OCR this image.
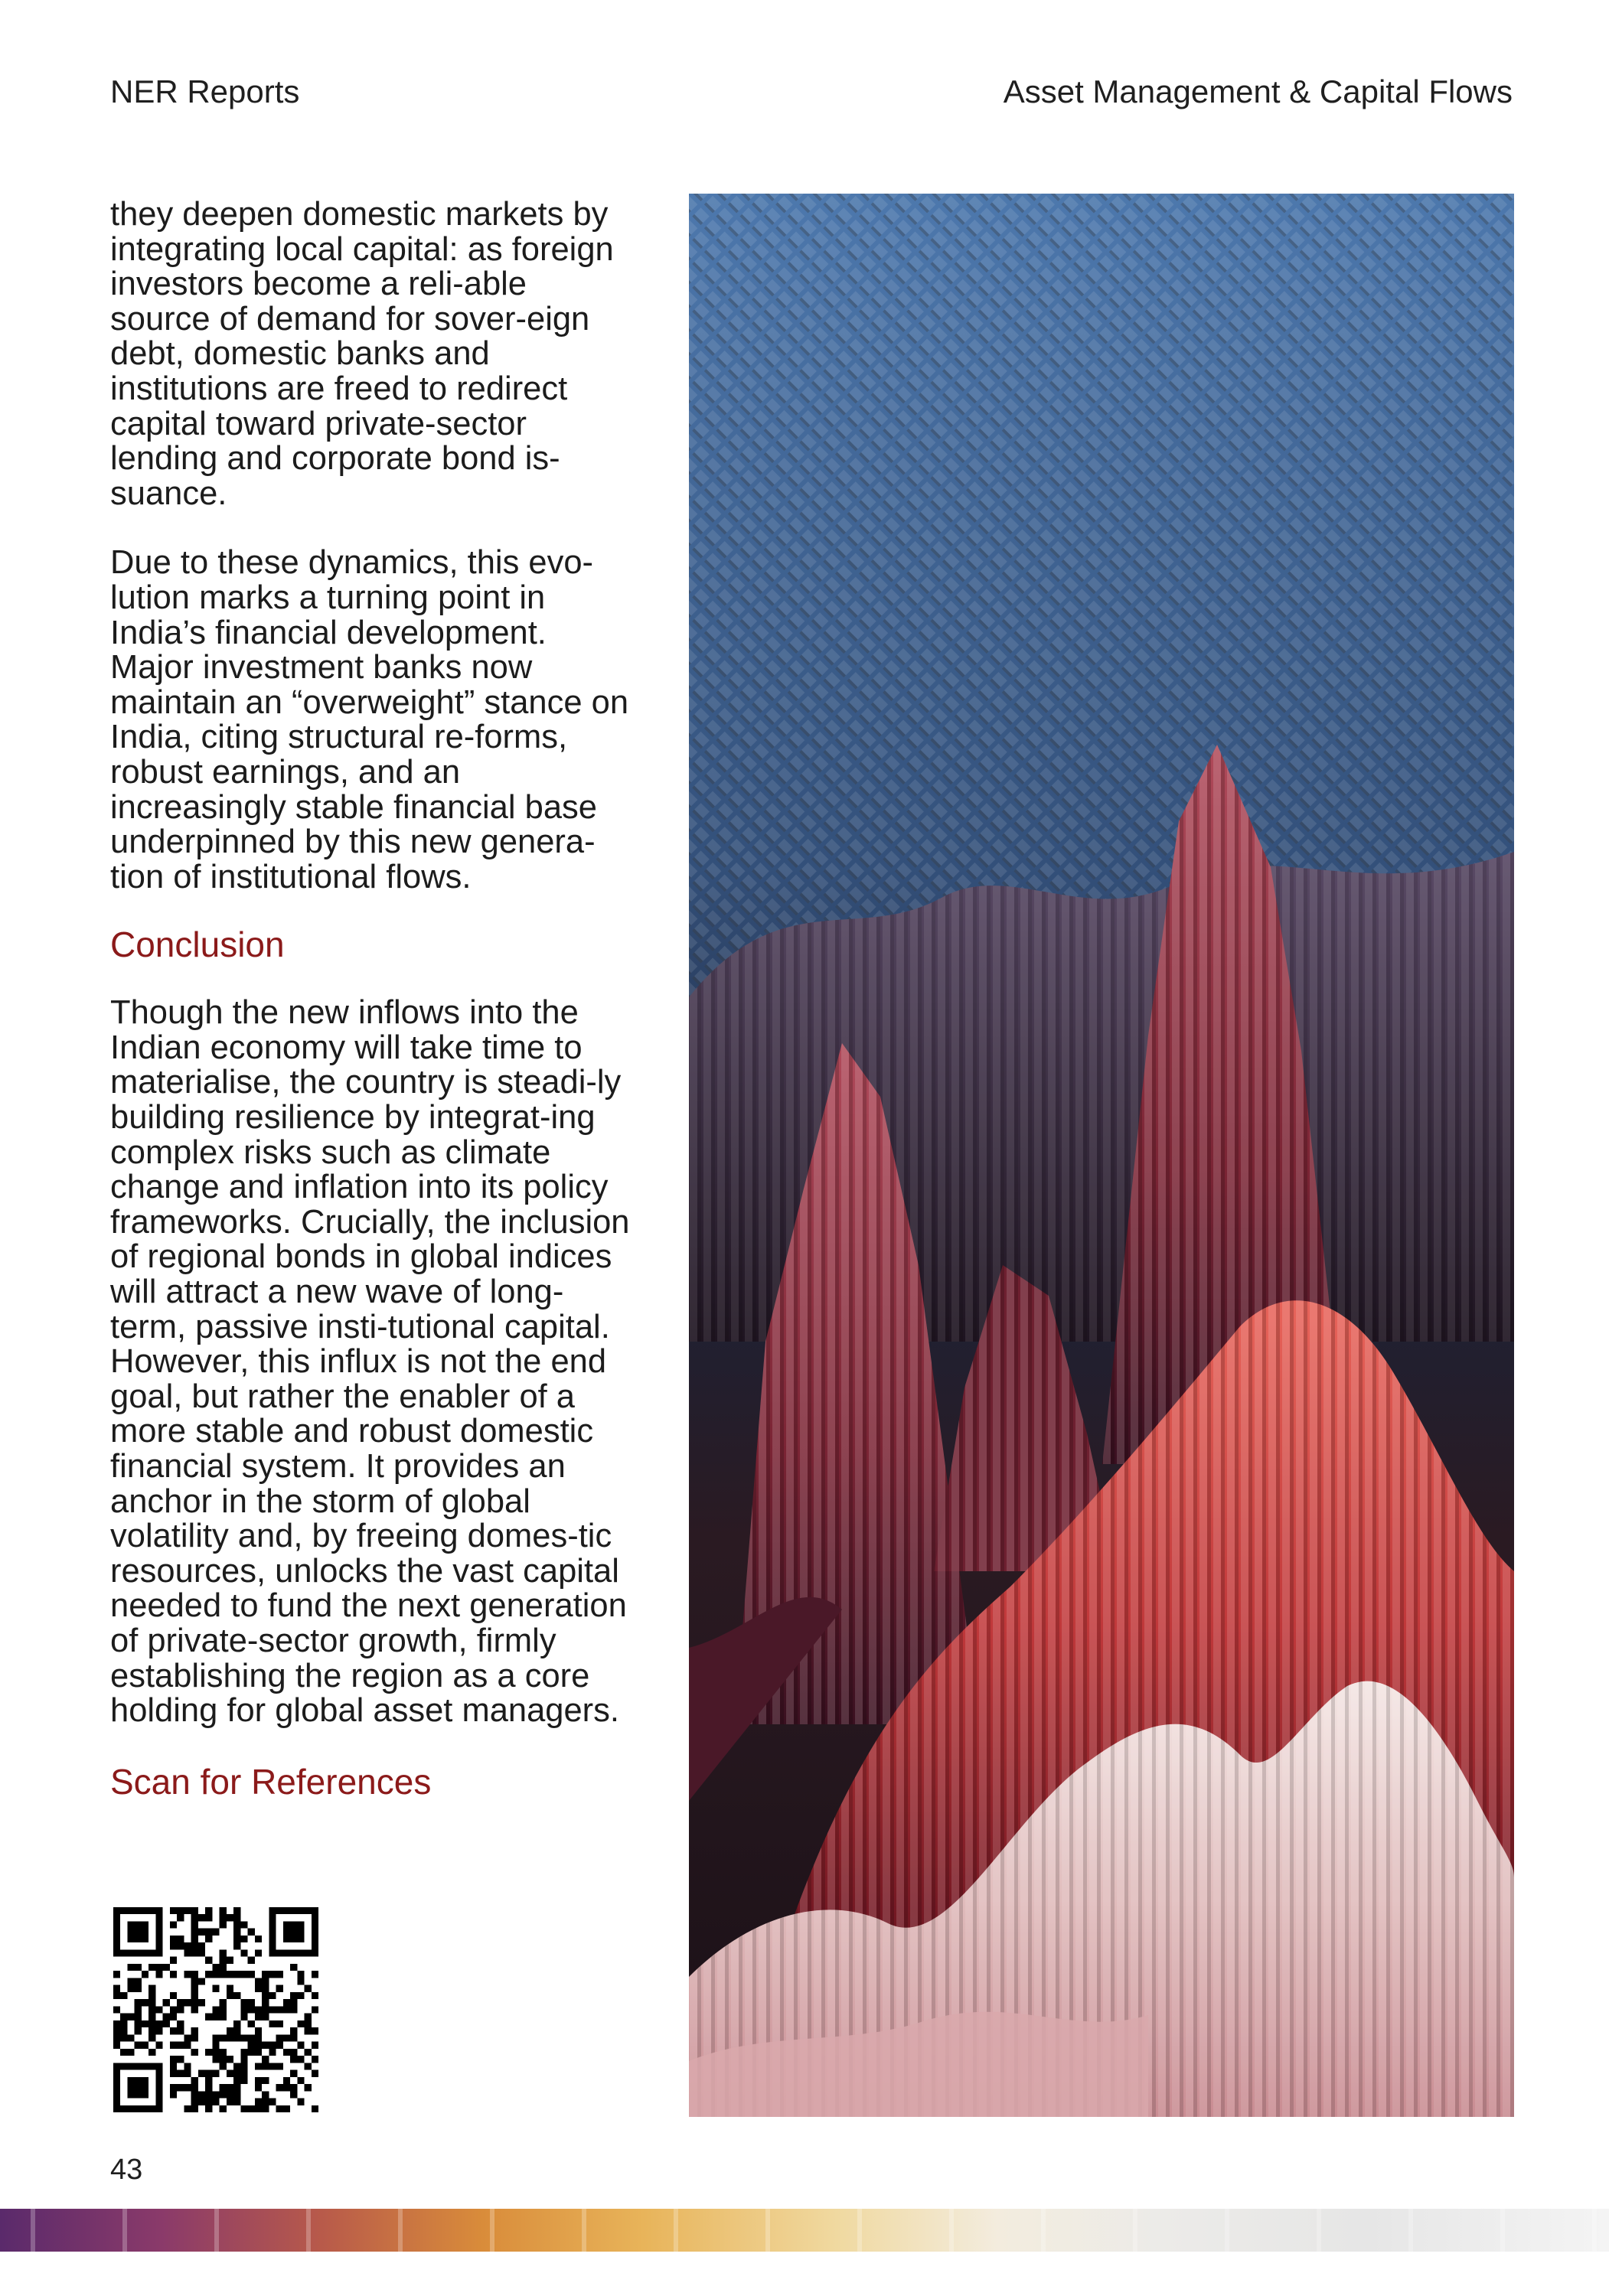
NER Reports	Asset Management & Capital Flows

they deepen domestic markets by integrating local capital: as foreign investors become a reli-able source of demand for sover-eign debt, domestic banks and institutions are freed to redirect capital toward private-sector lending and corporate bond is-suance.

Due to these dynamics, this evo-lution marks a turning point in India’s financial development. Major investment banks now maintain an “overweight” stance on India, citing structural re-forms, robust earnings, and an increasingly stable financial base underpinned by this new genera-tion of institutional flows.

Conclusion

Though the new inflows into the Indian economy will take time to materialise, the country is steadi-ly building resilience by integrat-ing complex risks such as climate change and inflation into its policy frameworks. Crucially, the inclusion of regional bonds in global indices will attract a new wave of long-term, passive insti-tutional capital. However, this influx is not the end goal, but rather the enabler of a more stable and robust domestic financial system. It provides an anchor in the storm of global volatility and, by freeing domes-tic resources, unlocks the vast capital needed to fund the next generation of private-sector growth, firmly establishing the region as a core holding for global asset managers.

Scan for References
43
